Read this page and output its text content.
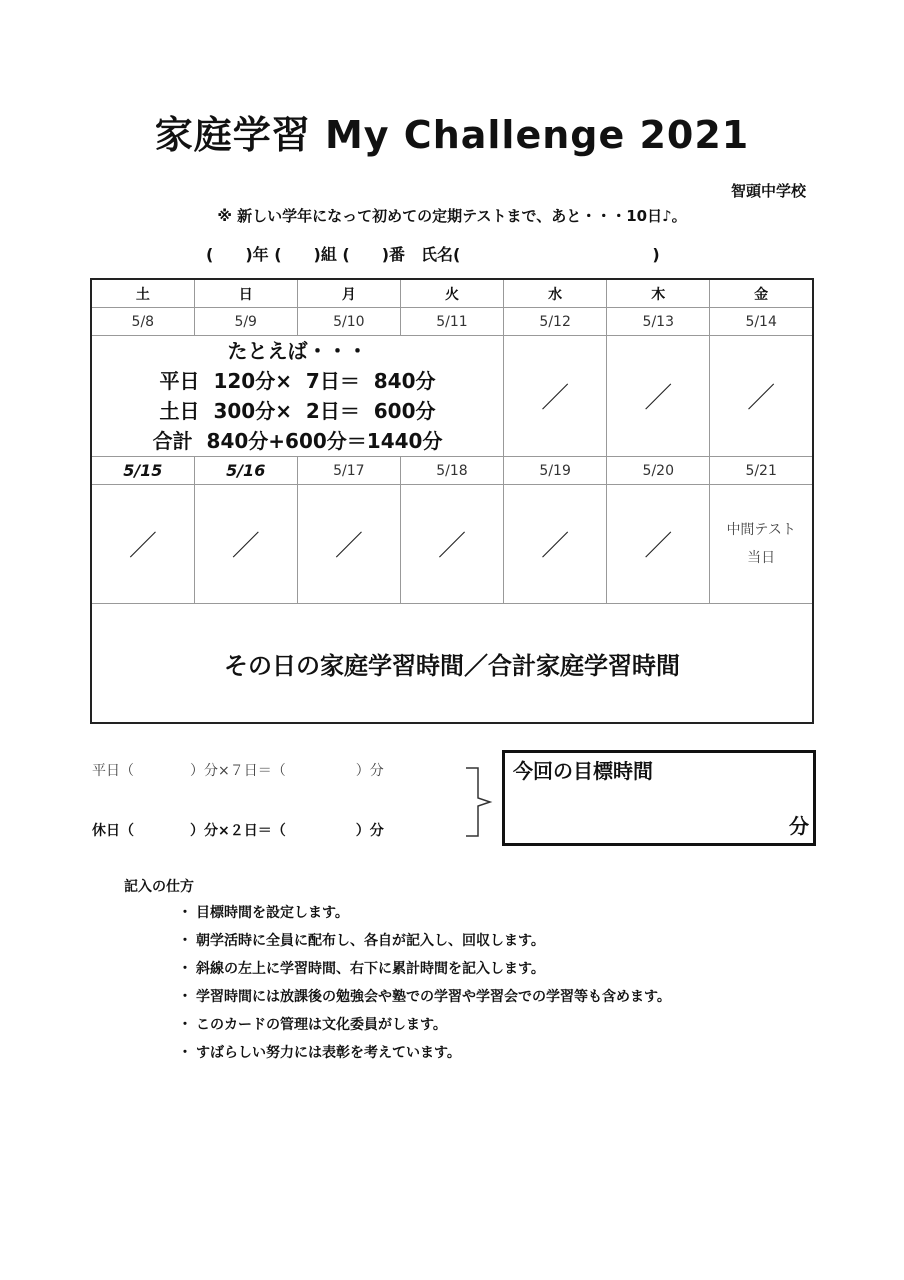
家庭学習 My Challenge 2021
智頭中学校
※ 新しい学年になって初めての定期テストまで、あと・・・10日♪。
(　　)年 (　　)組 (　　)番　氏名(　　　　　　　　　　　　)
土	日	月	火	水	木	金
5/8	5/9	5/10	5/11	5/12	5/13	5/14

たとえば・・・
平日  120分×  7日＝  840分
土日  300分×  2日＝  600分
合計  840分+600分＝1440分				／	／	／
5/15	5/16	5/17	5/18	5/19	5/20	5/21
／	／	／	／	／	／	中間テスト
当日

その日の家庭学習時間／合計家庭学習時間						
平日（　　　　）分×７日＝（　　　　　）分
休日（　　　　）分×２日＝（　　　　　）分
今回の目標時間
分
記入の仕方
・ 目標時間を設定します。
・ 朝学活時に全員に配布し、各自が記入し、回収します。
・ 斜線の左上に学習時間、右下に累計時間を記入します。
・ 学習時間には放課後の勉強会や塾での学習や学習会での学習等も含めます。
・ このカードの管理は文化委員がします。
・ すばらしい努力には表彰を考えています。
